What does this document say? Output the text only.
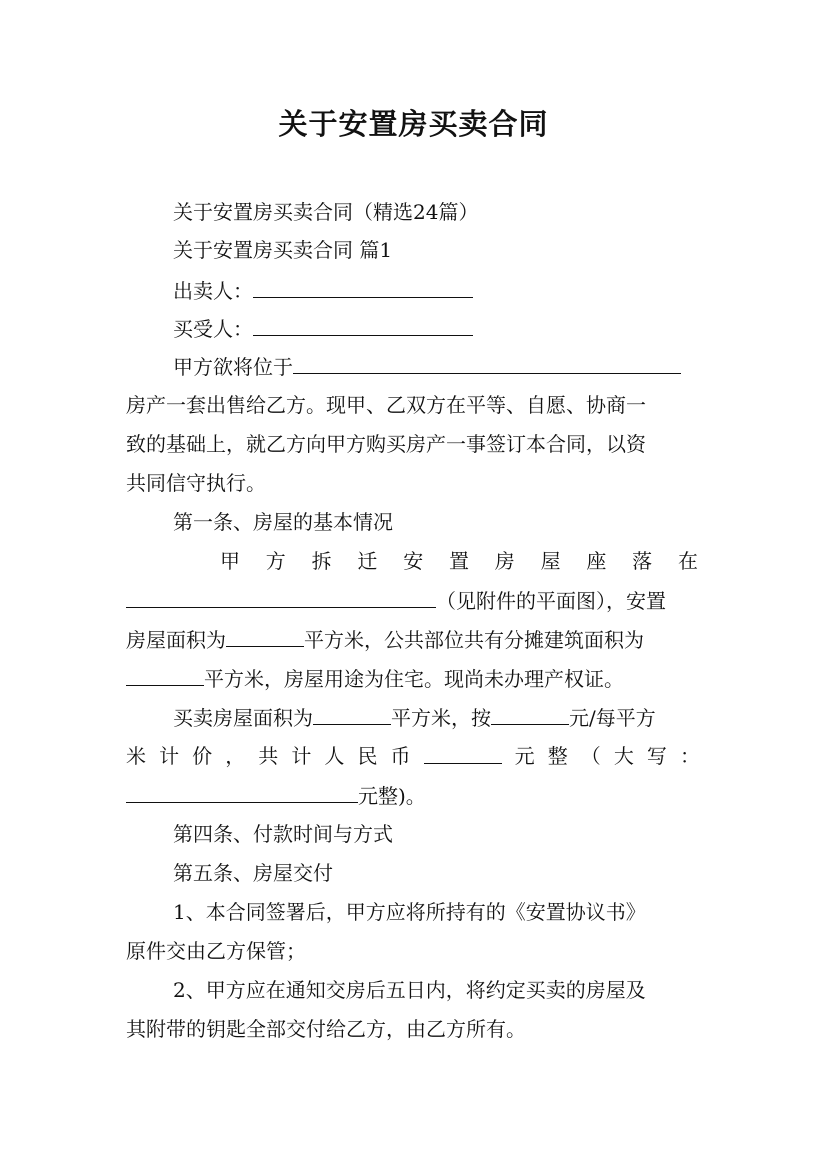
关于安置房买卖合同
关于安置房买卖合同（精选24篇）
关于安置房买卖合同 篇1
出卖人：
买受人：
甲方欲将位于
房产一套出售给乙方。现甲、乙双方在平等、自愿、协商一
致的基础上，就乙方向甲方购买房产一事签订本合同，以资
共同信守执行。
第一条、房屋的基本情况
甲 方 拆 迁 安 置 房 屋 座 落 在
（见附件的平面图），安置
房屋面积为	平方米，公共部位共有分摊建筑面积为
平方米，房屋用途为住宅。现尚未办理产权证。
买卖房屋面积为	平方米，按	元/每平方
米 计 价 ， 共 计 人 民 币	元 整 （ 大 写 ：
元整)。
第四条、付款时间与方式
第五条、房屋交付
1、本合同签署后，甲方应将所持有的《安置协议书》
原件交由乙方保管；
2、甲方应在通知交房后五日内，将约定买卖的房屋及
其附带的钥匙全部交付给乙方，由乙方所有。
